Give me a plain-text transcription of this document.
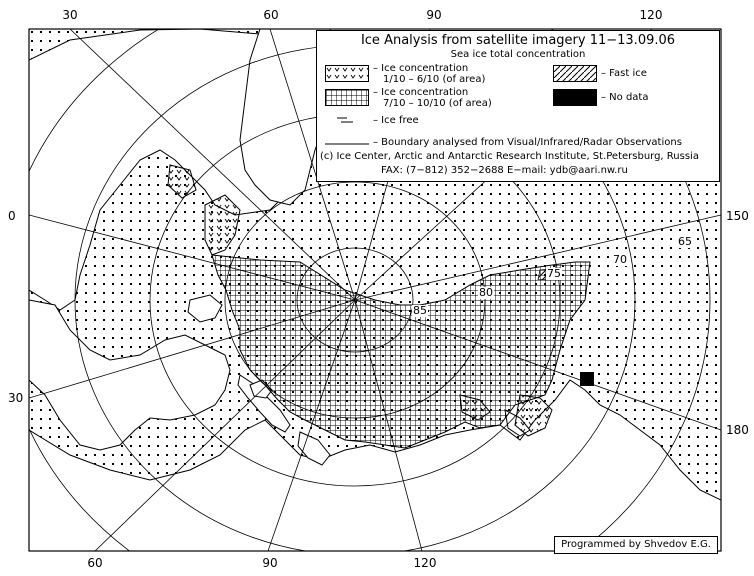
30	60	90	120
60	90	120
0
30
150
180
85
80
75
70
65
Ice Analysis from satellite imagery 11−13.09.06
Sea ice total concentration
– Ice concentration
1/10 – 6/10 (of area)
– Ice concentration
7/10 – 10/10 (of area)
– Ice free
– Fast ice
– No data
– Boundary analysed from Visual/Infrared/Radar Observations
(c) Ice Center, Arctic and Antarctic Research Institute, St.Petersburg, Russia
FAX: (7−812) 352−2688 E−mail: ydb@aari.nw.ru
Programmed by Shvedov E.G.
